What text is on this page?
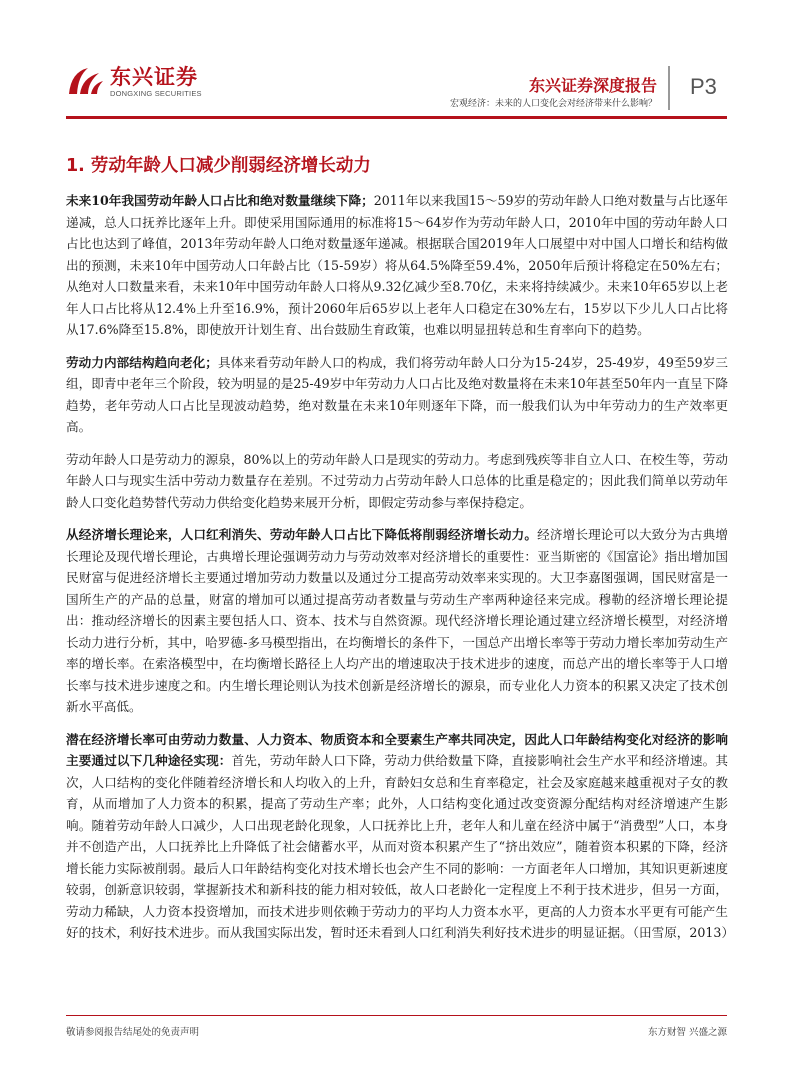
东兴证券
DONGXING SECURITIES	东兴证券深度报告
宏观经济：未来的人口变化会对经济带来什么影响？
P3
1. 劳动年龄人口减少削弱经济增长动力

未来10年我国劳动年龄人口占比和绝对数量继续下降；2011年以来我国15～59岁的劳动年龄人口绝对数量与占比逐年递减，总人口抚养比逐年上升。即使采用国际通用的标准将15～64岁作为劳动年龄人口，2010年中国的劳动年龄人口占比也达到了峰值，2013年劳动年龄人口绝对数量逐年递减。根据联合国2019年人口展望中对中国人口增长和结构做出的预测，未来10年中国劳动人口年龄占比（15-59岁）将从64.5%降至59.4%，2050年后预计将稳定在50%左右；从绝对人口数量来看，未来10年中国劳动年龄人口将从9.32亿减少至8.70亿，未来将持续减少。未来10年65岁以上老年人口占比将从12.4%上升至16.9%，预计2060年后65岁以上老年人口稳定在30%左右，15岁以下少儿人口占比将从17.6%降至15.8%，即使放开计划生育、出台鼓励生育政策，也难以明显扭转总和生育率向下的趋势。

劳动力内部结构趋向老化；具体来看劳动年龄人口的构成，我们将劳动年龄人口分为15-24岁，25-49岁，49至59岁三组，即青中老年三个阶段，较为明显的是25-49岁中年劳动力人口占比及绝对数量将在未来10年甚至50年内一直呈下降趋势，老年劳动人口占比呈现波动趋势，绝对数量在未来10年则逐年下降，而一般我们认为中年劳动力的生产效率更高。

劳动年龄人口是劳动力的源泉，80%以上的劳动年龄人口是现实的劳动力。考虑到残疾等非自立人口、在校生等，劳动年龄人口与现实生活中劳动力数量存在差别。不过劳动力占劳动年龄人口总体的比重是稳定的；因此我们简单以劳动年龄人口变化趋势替代劳动力供给变化趋势来展开分析，即假定劳动参与率保持稳定。

从经济增长理论来，人口红利消失、劳动年龄人口占比下降低将削弱经济增长动力。经济增长理论可以大致分为古典增长理论及现代增长理论，古典增长理论强调劳动力与劳动效率对经济增长的重要性：亚当斯密的《国富论》指出增加国民财富与促进经济增长主要通过增加劳动力数量以及通过分工提高劳动效率来实现的。大卫李嘉图强调，国民财富是一国所生产的产品的总量，财富的增加可以通过提高劳动者数量与劳动生产率两种途径来完成。穆勒的经济增长理论提出：推动经济增长的因素主要包括人口、资本、技术与自然资源。现代经济增长理论通过建立经济增长模型，对经济增长动力进行分析，其中，哈罗德-多马模型指出，在均衡增长的条件下，一国总产出增长率等于劳动力增长率加劳动生产率的增长率。在索洛模型中，在均衡增长路径上人均产出的增速取决于技术进步的速度，而总产出的增长率等于人口增长率与技术进步速度之和。内生增长理论则认为技术创新是经济增长的源泉，而专业化人力资本的积累又决定了技术创新水平高低。

潜在经济增长率可由劳动力数量、人力资本、物质资本和全要素生产率共同决定，因此人口年龄结构变化对经济的影响主要通过以下几种途径实现：首先，劳动年龄人口下降，劳动力供给数量下降，直接影响社会生产水平和经济增速。其次，人口结构的变化伴随着经济增长和人均收入的上升，育龄妇女总和生育率稳定，社会及家庭越来越重视对子女的教育，从而增加了人力资本的积累，提高了劳动生产率；此外，人口结构变化通过改变资源分配结构对经济增速产生影响。随着劳动年龄人口减少，人口出现老龄化现象，人口抚养比上升，老年人和儿童在经济中属于“消费型”人口，本身并不创造产出，人口抚养比上升降低了社会储蓄水平，从而对资本积累产生了“挤出效应”，随着资本积累的下降，经济增长能力实际被削弱。最后人口年龄结构变化对技术增长也会产生不同的影响：一方面老年人口增加，其知识更新速度较弱，创新意识较弱，掌握新技术和新科技的能力相对较低，故人口老龄化一定程度上不利于技术进步，但另一方面，劳动力稀缺，人力资本投资增加，而技术进步则依赖于劳动力的平均人力资本水平，更高的人力资本水平更有可能产生好的技术，利好技术进步。而从我国实际出发，暂时还未看到人口红利消失利好技术进步的明显证据。（田雪原，2013）

敬请参阅报告结尾处的免责声明	东方财智 兴盛之源
